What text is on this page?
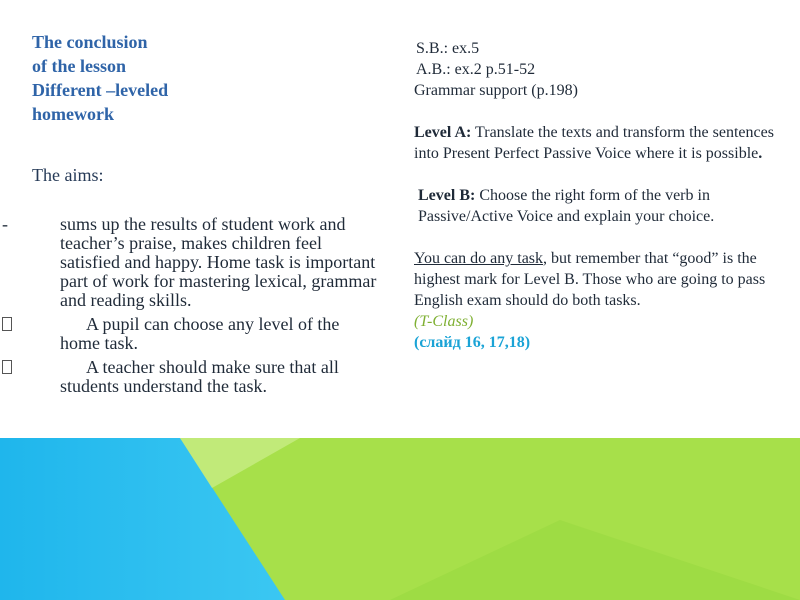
The conclusion
of the lesson
Different –leveled
homework
The aims:
-	sums up the results of student work and teacher’s praise, makes children feel satisfied and happy. Home task is important part of work for mastering lexical, grammar and reading skills.
A pupil can choose any level of the home task.
A teacher should make sure that all students understand the task.
S.B.: ex.5
A.B.: ex.2 p.51-52
Grammar support (p.198)
Level A: Translate the texts and transform the sentences into Present Perfect Passive Voice where it is possible.
Level B: Choose the right form of the verb in Passive/Active Voice and explain your choice.
You can do any task, but remember that “good” is the highest mark for Level B. Those who are going to pass English exam should do both tasks.
(T-Class)
(слайд 16, 17,18)
